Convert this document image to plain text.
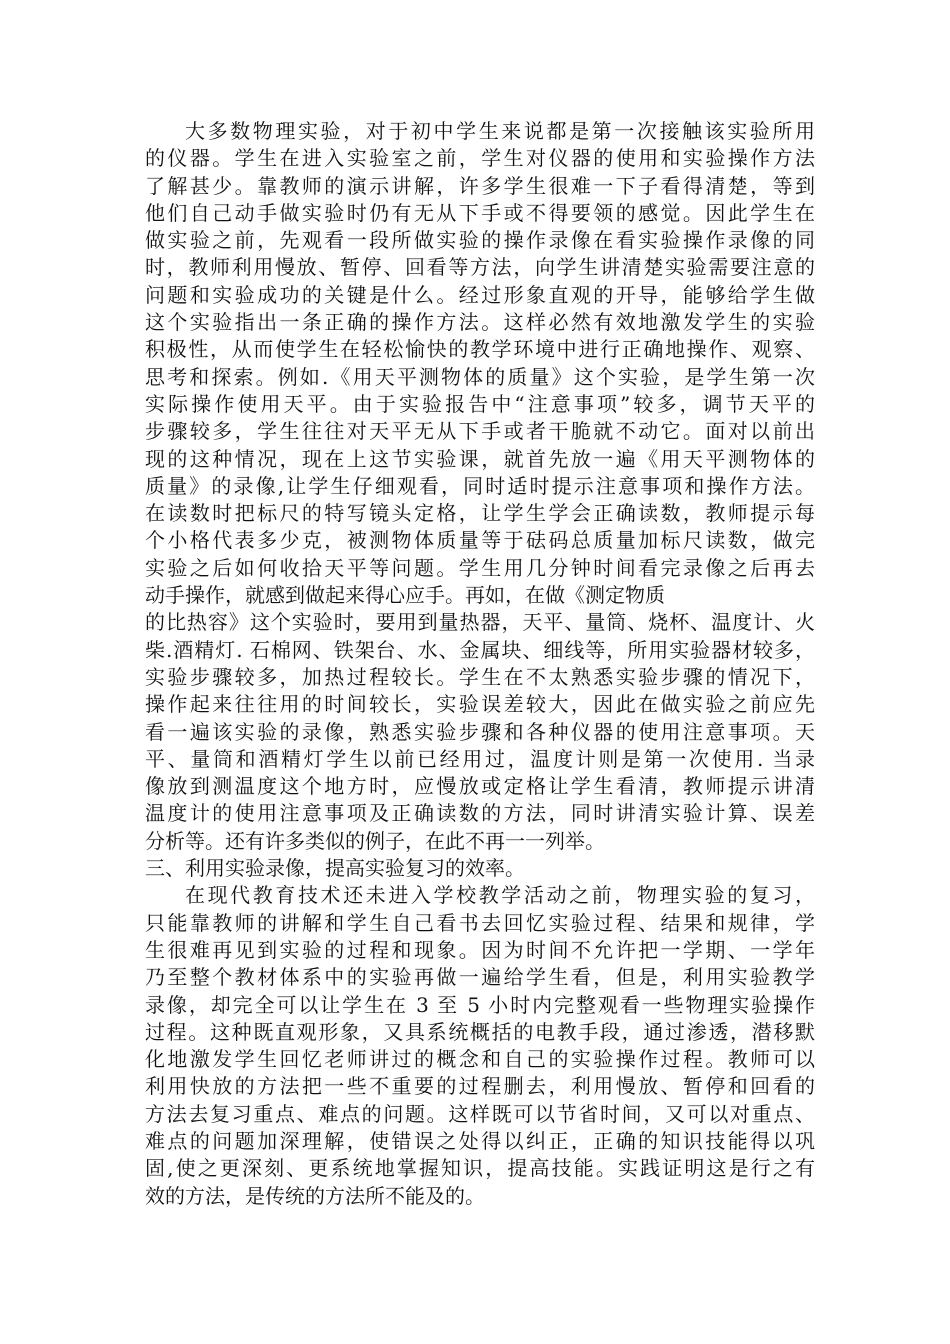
大多数物理实验，对于初中学生来说都是第一次接触该实验所用
的仪器。学生在进入实验室之前，学生对仪器的使用和实验操作方法
了解甚少。靠教师的演示讲解，许多学生很难一下子看得清楚，等到
他们自己动手做实验时仍有无从下手或不得要领的感觉。因此学生在
做实验之前，先观看一段所做实验的操作录像在看实验操作录像的同
时，教师利用慢放、暂停、回看等方法，向学生讲清楚实验需要注意的
问题和实验成功的关键是什么。经过形象直观的开导，能够给学生做
这个实验指出一条正确的操作方法。这样必然有效地激发学生的实验
积极性，从而使学生在轻松愉快的教学环境中进行正确地操作、观察、
思考和探索。例如.《用天平测物体的质量》这个实验，是学生第一次
实际操作使用天平。由于实验报告中“注意事项”较多，调节天平的
步骤较多，学生往往对天平无从下手或者干脆就不动它。面对以前出
现的这种情况，现在上这节实验课，就首先放一遍《用天平测物体的
质量》的录像,让学生仔细观看，同时适时提示注意事项和操作方法。
在读数时把标尺的特写镜头定格，让学生学会正确读数，教师提示每
个小格代表多少克，被测物体质量等于砝码总质量加标尺读数，做完
实验之后如何收拾天平等问题。学生用几分钟时间看完录像之后再去
动手操作，就感到做起来得心应手。再如，在做《测定物质
的比热容》这个实验时，要用到量热器，天平、量筒、烧杯、温度计、火
柴.酒精灯. 石棉网、铁架台、水、金属块、细线等，所用实验器材较多，
实验步骤较多，加热过程较长。学生在不太熟悉实验步骤的情况下，
操作起来往往用的时间较长，实验误差较大，因此在做实验之前应先
看一遍该实验的录像，熟悉实验步骤和各种仪器的使用注意事项。天
平、量筒和酒精灯学生以前已经用过，温度计则是第一次使用. 当录
像放到测温度这个地方时，应慢放或定格让学生看清，教师提示讲清
温度计的使用注意事项及正确读数的方法，同时讲清实验计算、误差
分析等。还有许多类似的例子，在此不再一一列举。
三、利用实验录像，提高实验复习的效率。
在现代教育技术还未进入学校教学活动之前，物理实验的复习，
只能靠教师的讲解和学生自己看书去回忆实验过程、结果和规律，学
生很难再见到实验的过程和现象。因为时间不允许把一学期、一学年
乃至整个教材体系中的实验再做一遍给学生看，但是，利用实验教学
录像，却完全可以让学生在 3 至 5 小时内完整观看一些物理实验操作
过程。这种既直观形象，又具系统概括的电教手段，通过渗透，潜移默
化地激发学生回忆老师讲过的概念和自己的实验操作过程。教师可以
利用快放的方法把一些不重要的过程删去，利用慢放、暂停和回看的
方法去复习重点、难点的问题。这样既可以节省时间，又可以对重点、
难点的问题加深理解，使错误之处得以纠正，正确的知识技能得以巩
固,使之更深刻、更系统地掌握知识，提高技能。实践证明这是行之有
效的方法，是传统的方法所不能及的。
